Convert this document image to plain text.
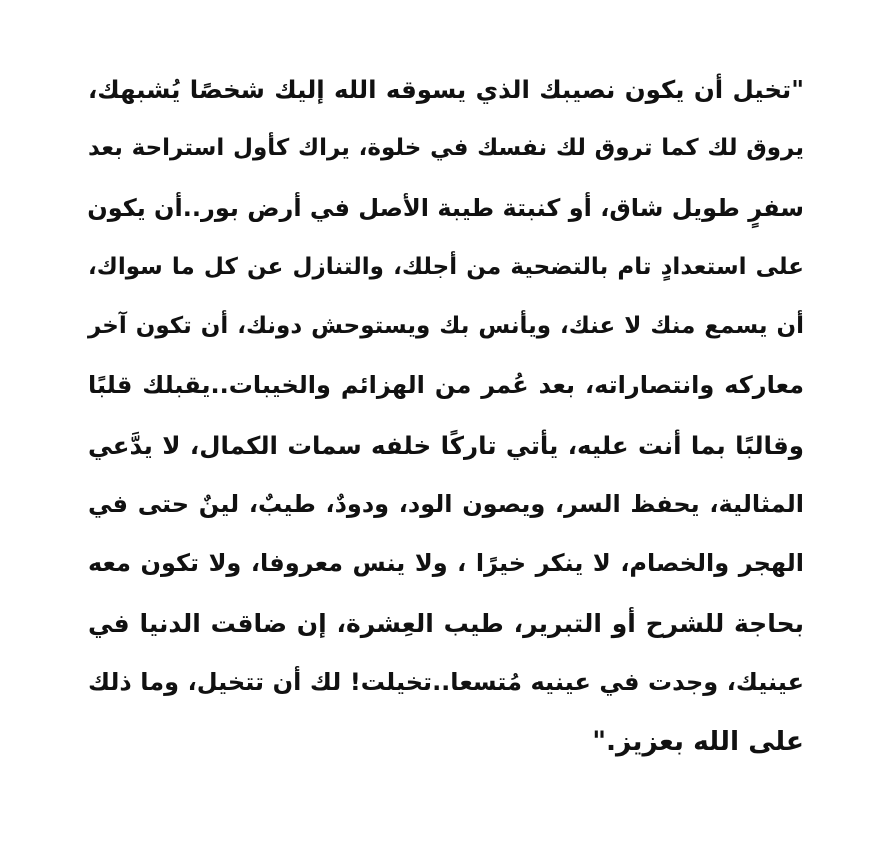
"تخيل أن يكون نصيبك الذي يسوقه الله إليك شخصًا يُشبهك،
يروق لك كما تروق لك نفسك في خلوة، يراك كأول استراحة بعد
سفرٍ طويل شاق، أو كنبتة طيبة الأصل في أرض بور..أن يكون
على استعدادٍ تام بالتضحية من أجلك، والتنازل عن كل ما سواك،
أن يسمع منك لا عنك، ويأنس بك ويستوحش دونك، أن تكون آخر
معاركه وانتصاراته، بعد عُمر من الهزائم والخيبات..يقبلك قلبًا
وقالبًا بما أنت عليه، يأتي تاركًا خلفه سمات الكمال، لا يدَّعي
المثالية، يحفظ السر، ويصون الود، ودودٌ، طيبٌ، لينٌ حتى في
الهجر والخصام، لا ينكر خيرًا ، ولا ينس معروفا، ولا تكون معه
بحاجة للشرح أو التبرير، طيب العِشرة، إن ضاقت الدنيا في
عينيك، وجدت في عينيه مُتسعا..تخيلت! لك أن تتخيل، وما ذلك
على الله بعزيز."
